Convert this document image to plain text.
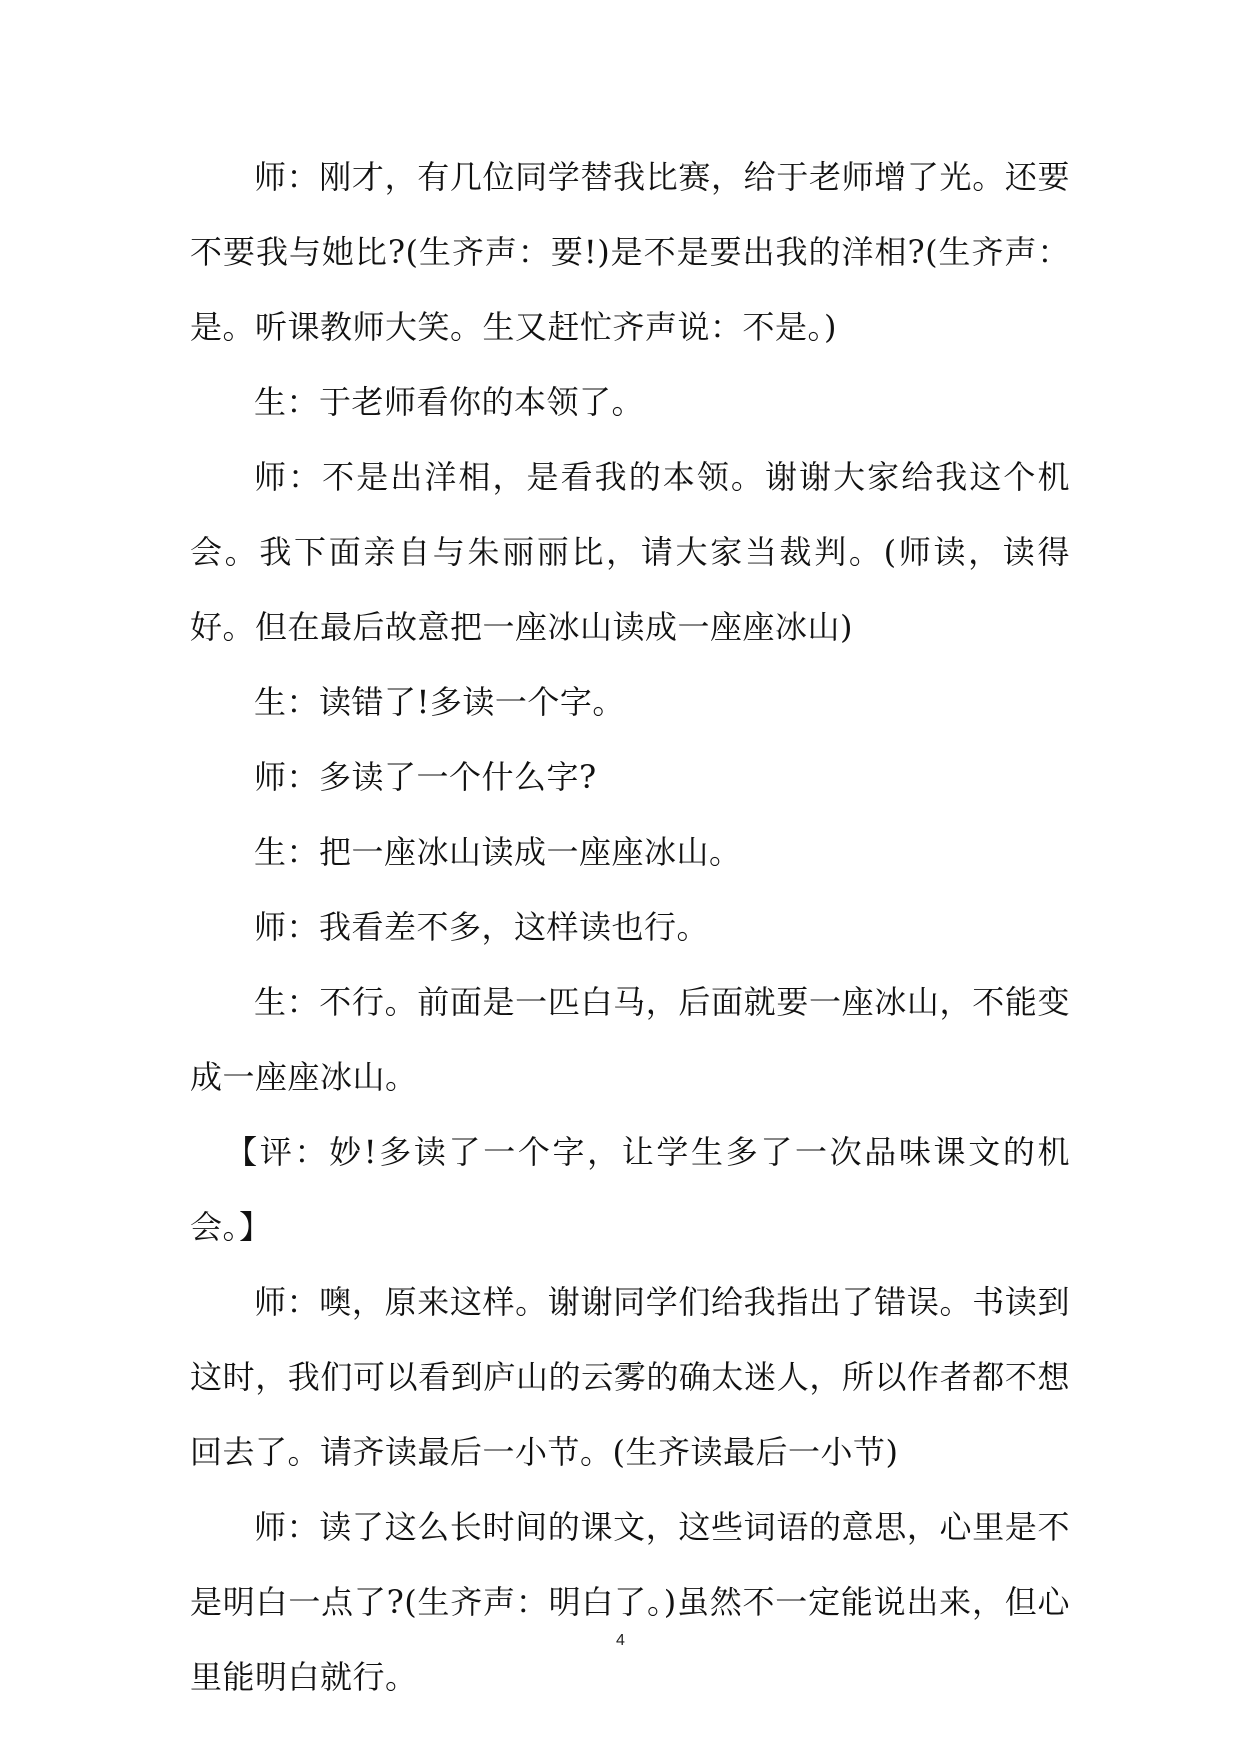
师：刚才，有几位同学替我比赛，给于老师增了光。还要不要我与她比?(生齐声：要!)是不是要出我的洋相?(生齐声：是。听课教师大笑。生又赶忙齐声说：不是。)

生：于老师看你的本领了。

师：不是出洋相，是看我的本领。谢谢大家给我这个机会。我下面亲自与朱丽丽比，请大家当裁判。(师读，读得好。但在最后故意把一座冰山读成一座座冰山)

生：读错了!多读一个字。

师：多读了一个什么字?

生：把一座冰山读成一座座冰山。

师：我看差不多，这样读也行。

生：不行。前面是一匹白马，后面就要一座冰山，不能变成一座座冰山。

【评：妙!多读了一个字，让学生多了一次品味课文的机会。】

师：噢，原来这样。谢谢同学们给我指出了错误。书读到这时，我们可以看到庐山的云雾的确太迷人，所以作者都不想回去了。请齐读最后一小节。(生齐读最后一小节)

师：读了这么长时间的课文，这些词语的意思，心里是不是明白一点了?(生齐声：明白了。)虽然不一定能说出来，但心里能明白就行。

4
